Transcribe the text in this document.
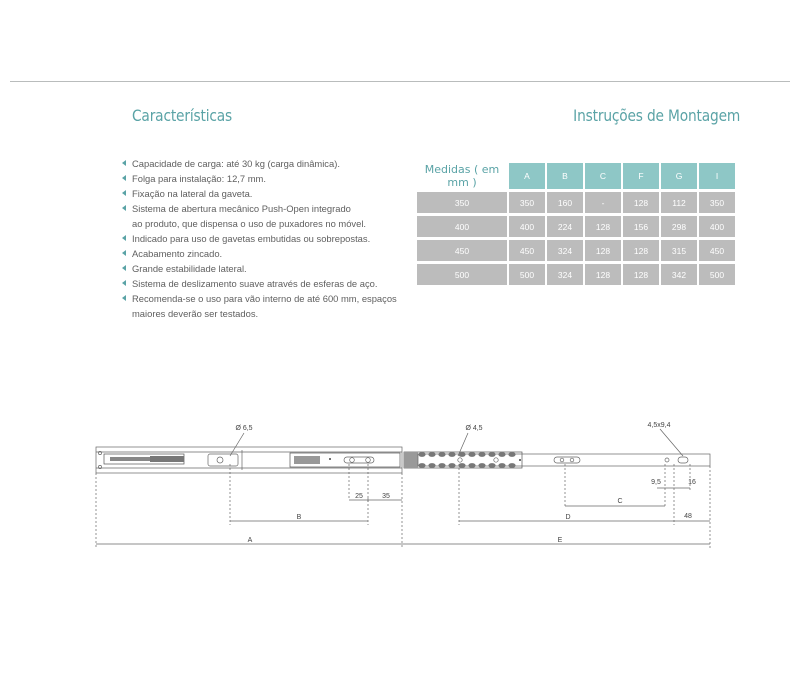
Características	Instruções de Montagem
Capacidade de carga: até 30 kg (carga dinâmica).
Folga para instalação: 12,7 mm.
Fixação na lateral da gaveta.
Sistema de abertura mecânico Push-Open integrado
ao produto, que dispensa o uso de puxadores no móvel.
Indicado para uso de gavetas embutidas ou sobrepostas.
Acabamento zincado.
Grande estabilidade lateral.
Sistema de deslizamento suave através de esferas de aço.
Recomenda-se o uso para vão interno de até 600 mm, espaços
maiores deverão ser testados.
Medidas ( em mm )	A	B	C	F	G	I
350	350	160	-	128	112	350
400	400	224	128	156	298	400
450	450	324	128	128	315	450
500	500	324	128	128	342	500
Ø 6,5	Ø 4,5	4,5x9,4
25	35
B
A	E
C
D
9,5	16
48
